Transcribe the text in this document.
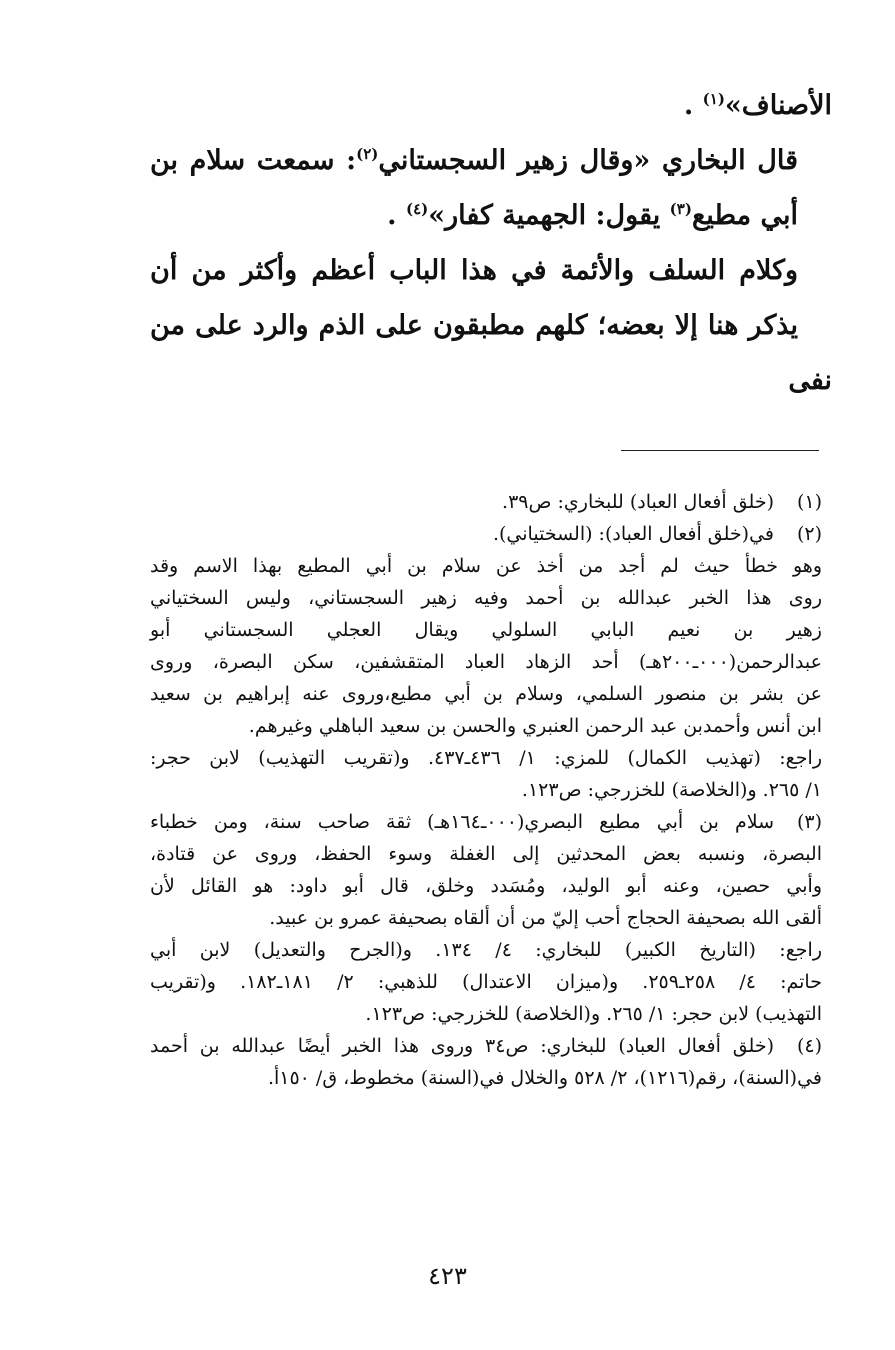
الأصناف»$^{(١)}$ .

قال البخاري «وقال زهير السجستاني$^{(٢)}$: سمعت سلام بن
أبي مطيع$^{(٣)}$ يقول: الجهمية كفار»$^{(٤)}$ .

وكلام السلف والأئمة في هذا الباب أعظم وأكثر من أن
يذكر هنا إلا بعضه؛ كلهم مطبقون على الذم والرد على من نفى

(١)
(خلق أفعال العباد) للبخاري: ص٣٩.
(٢)
في(خلق أفعال العباد): (السختياني).
وهو خطأ حيث لم أجد من أخذ عن سلام بن أبي المطيع بهذا الاسم وقد
روى هذا الخبر عبدالله بن أحمد وفيه زهير السجستاني، وليس السختياني
زهير بن نعيم البابي السلولي ويقال العجلي السجستاني أبو
عبدالرحمن(٠٠٠ـ٢٠٠هـ) أحد الزهاد العباد المتقشفين، سكن البصرة، وروى
عن بشر بن منصور السلمي، وسلام بن أبي مطيع،وروى عنه إبراهيم بن سعيد
ابن أنس وأحمدبن عبد الرحمن العنبري والحسن بن سعيد الباهلي وغيرهم.
راجع: (تهذيب الكمال) للمزي: ١/ ٤٣٦ـ٤٣٧. و(تقريب التهذيب) لابن حجر:
١/ ٢٦٥. و(الخلاصة) للخزرجي: ص١٢٣.
(٣)
سلام بن أبي مطيع البصري(٠٠٠ـ١٦٤هـ) ثقة صاحب سنة، ومن خطباء
البصرة، ونسبه بعض المحدثين إلى الغفلة وسوء الحفظ، وروى عن قتادة،
وأبي حصين، وعنه أبو الوليد، ومُسَدد وخلق، قال أبو داود: هو القائل لأن
ألقى الله بصحيفة الحجاج أحب إليّ من أن ألقاه بصحيفة عمرو بن عبيد.
راجع: (التاريخ الكبير) للبخاري: ٤/ ١٣٤. و(الجرح والتعديل) لابن أبي
حاتم: ٤/ ٢٥٨ـ٢٥٩. و(ميزان الاعتدال) للذهبي: ٢/ ١٨١ـ١٨٢. و(تقريب
التهذيب) لابن حجر: ١/ ٢٦٥. و(الخلاصة) للخزرجي: ص١٢٣.
(٤)
(خلق أفعال العباد) للبخاري: ص٣٤ وروى هذا الخبر أيضًا عبدالله بن أحمد
في(السنة)، رقم(١٢١٦)، ٢/ ٥٢٨ والخلال في(السنة) مخطوط، ق/ ١٥٠أ.
٤٢٣
